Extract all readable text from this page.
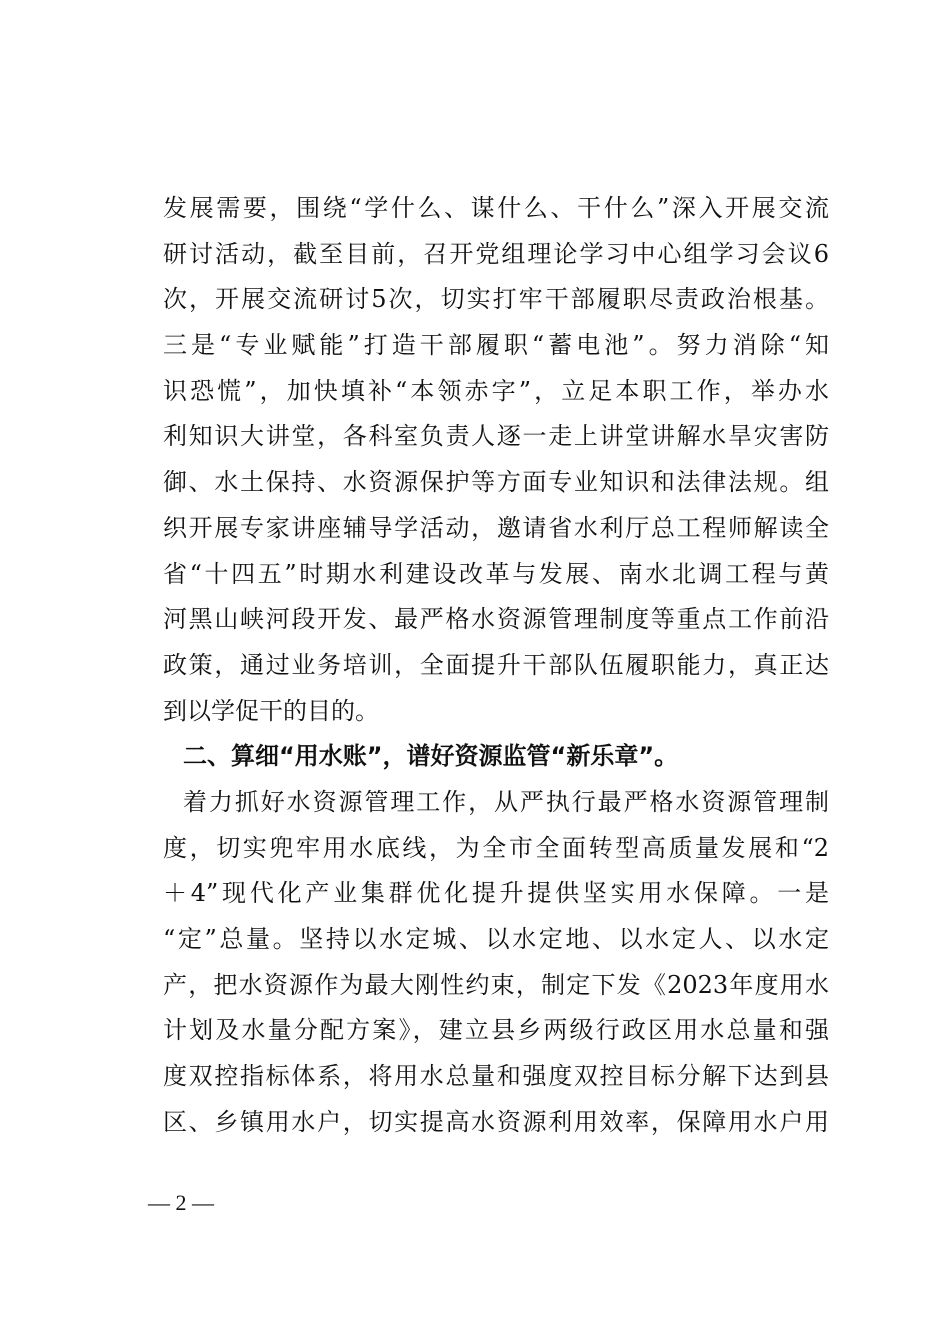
发展需要，围绕“学什么、谋什么、干什么”深入开展交流
研讨活动，截至目前，召开党组理论学习中心组学习会议6
次，开展交流研讨5次，切实打牢干部履职尽责政治根基。
三是“专业赋能”打造干部履职“蓄电池”。努力消除“知
识恐慌”，加快填补“本领赤字”，立足本职工作，举办水
利知识大讲堂，各科室负责人逐一走上讲堂讲解水旱灾害防
御、水土保持、水资源保护等方面专业知识和法律法规。组
织开展专家讲座辅导学活动，邀请省水利厅总工程师解读全
省“十四五”时期水利建设改革与发展、南水北调工程与黄
河黑山峡河段开发、最严格水资源管理制度等重点工作前沿
政策，通过业务培训，全面提升干部队伍履职能力，真正达
到以学促干的目的。
二、算细“用水账”，谱好资源监管“新乐章”。
着力抓好水资源管理工作，从严执行最严格水资源管理制
度，切实兜牢用水底线，为全市全面转型高质量发展和“2
＋4”现代化产业集群优化提升提供坚实用水保障。一是
“定”总量。坚持以水定城、以水定地、以水定人、以水定
产，把水资源作为最大刚性约束，制定下发《2023年度用水
计划及水量分配方案》，建立县乡两级行政区用水总量和强
度双控指标体系，将用水总量和强度双控目标分解下达到县
区、乡镇用水户，切实提高水资源利用效率，保障用水户用
— 2 —
